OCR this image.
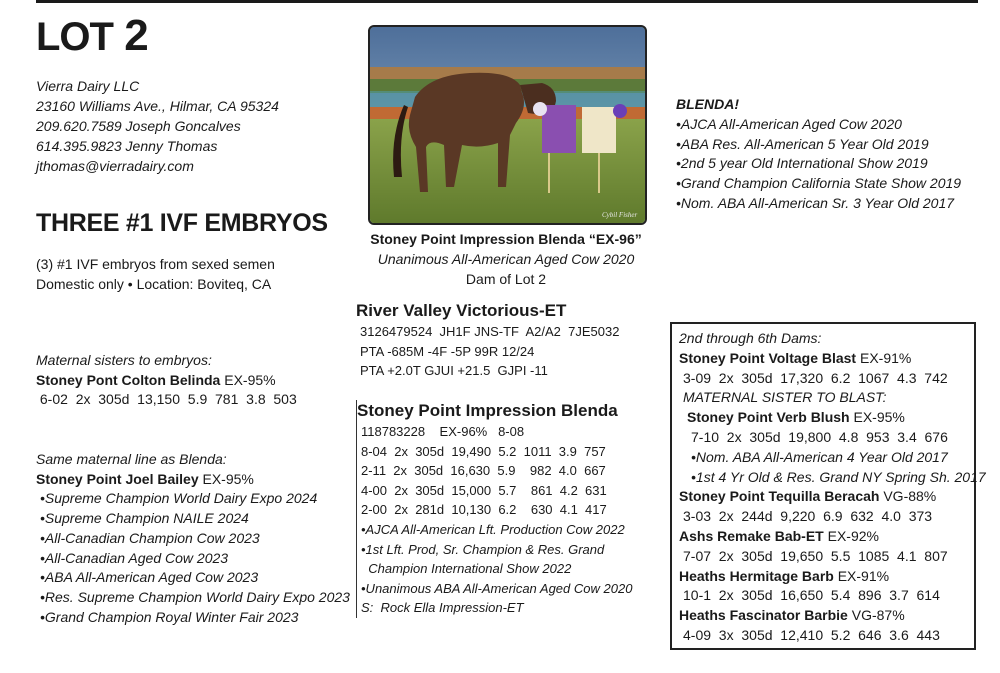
LOT 2
Vierra Dairy LLC
23160 Williams Ave., Hilmar, CA 95324
209.620.7589 Joseph Goncalves
614.395.9823 Jenny Thomas
jthomas@vierradairy.com
THREE #1 IVF EMBRYOS
(3) #1 IVF embryos from sexed semen
Domestic only • Location: Boviteq, CA
Maternal sisters to embryos:
Stoney Pont Colton Belinda EX-95%
6-02  2x  305d  13,150  5.9  781  3.8  503
Same maternal line as Blenda:
Stoney Point Joel Bailey EX-95%
•Supreme Champion World Dairy Expo 2024
•Supreme Champion NAILE 2024
•All-Canadian Champion Cow 2023
•All-Canadian Aged Cow 2023
•ABA All-American Aged Cow 2023
•Res. Supreme Champion World Dairy Expo 2023
•Grand Champion Royal Winter Fair 2023
Cybil Fisher
Stoney Point Impression Blenda “EX-96”
Unanimous All-American Aged Cow 2020
Dam of Lot 2
River Valley Victorious-ET
3126479524  JH1F JNS-TF  A2/A2  7JE5032
PTA -685M -4F -5P 99R 12/24
PTA +2.0T GJUI +21.5  GJPI -11
Stoney Point Impression Blenda
118783228    EX-96%   8-08
8-04  2x  305d  19,490  5.2  1011  3.9  757
2-11  2x  305d  16,630  5.9    982  4.0  667
4-00  2x  305d  15,000  5.7    861  4.2  631
2-00  2x  281d  10,130  6.2    630  4.1  417
•AJCA All-American Lft. Production Cow 2022
•1st Lft. Prod, Sr. Champion & Res. Grand
Champion International Show 2022
•Unanimous ABA All-American Aged Cow 2020
S:  Rock Ella Impression-ET
BLENDA!
•AJCA All-American Aged Cow 2020
•ABA Res. All-American 5 Year Old 2019
•2nd 5 year Old International Show 2019
•Grand Champion California State Show 2019
•Nom. ABA All-American Sr. 3 Year Old 2017
2nd through 6th Dams:
Stoney Point Voltage Blast EX-91%
3-09  2x  305d  17,320  6.2  1067  4.3  742
MATERNAL SISTER TO BLAST:
Stoney Point Verb Blush EX-95%
7-10  2x  305d  19,800  4.8  953  3.4  676
•Nom. ABA All-American 4 Year Old 2017
•1st 4 Yr Old & Res. Grand NY Spring Sh. 2017
Stoney Point Tequilla Beracah VG-88%
3-03  2x  244d  9,220  6.9  632  4.0  373
Ashs Remake Bab-ET EX-92%
7-07  2x  305d  19,650  5.5  1085  4.1  807
Heaths Hermitage Barb EX-91%
10-1  2x  305d  16,650  5.4  896  3.7  614
Heaths Fascinator Barbie VG-87%
4-09  3x  305d  12,410  5.2  646  3.6  443
